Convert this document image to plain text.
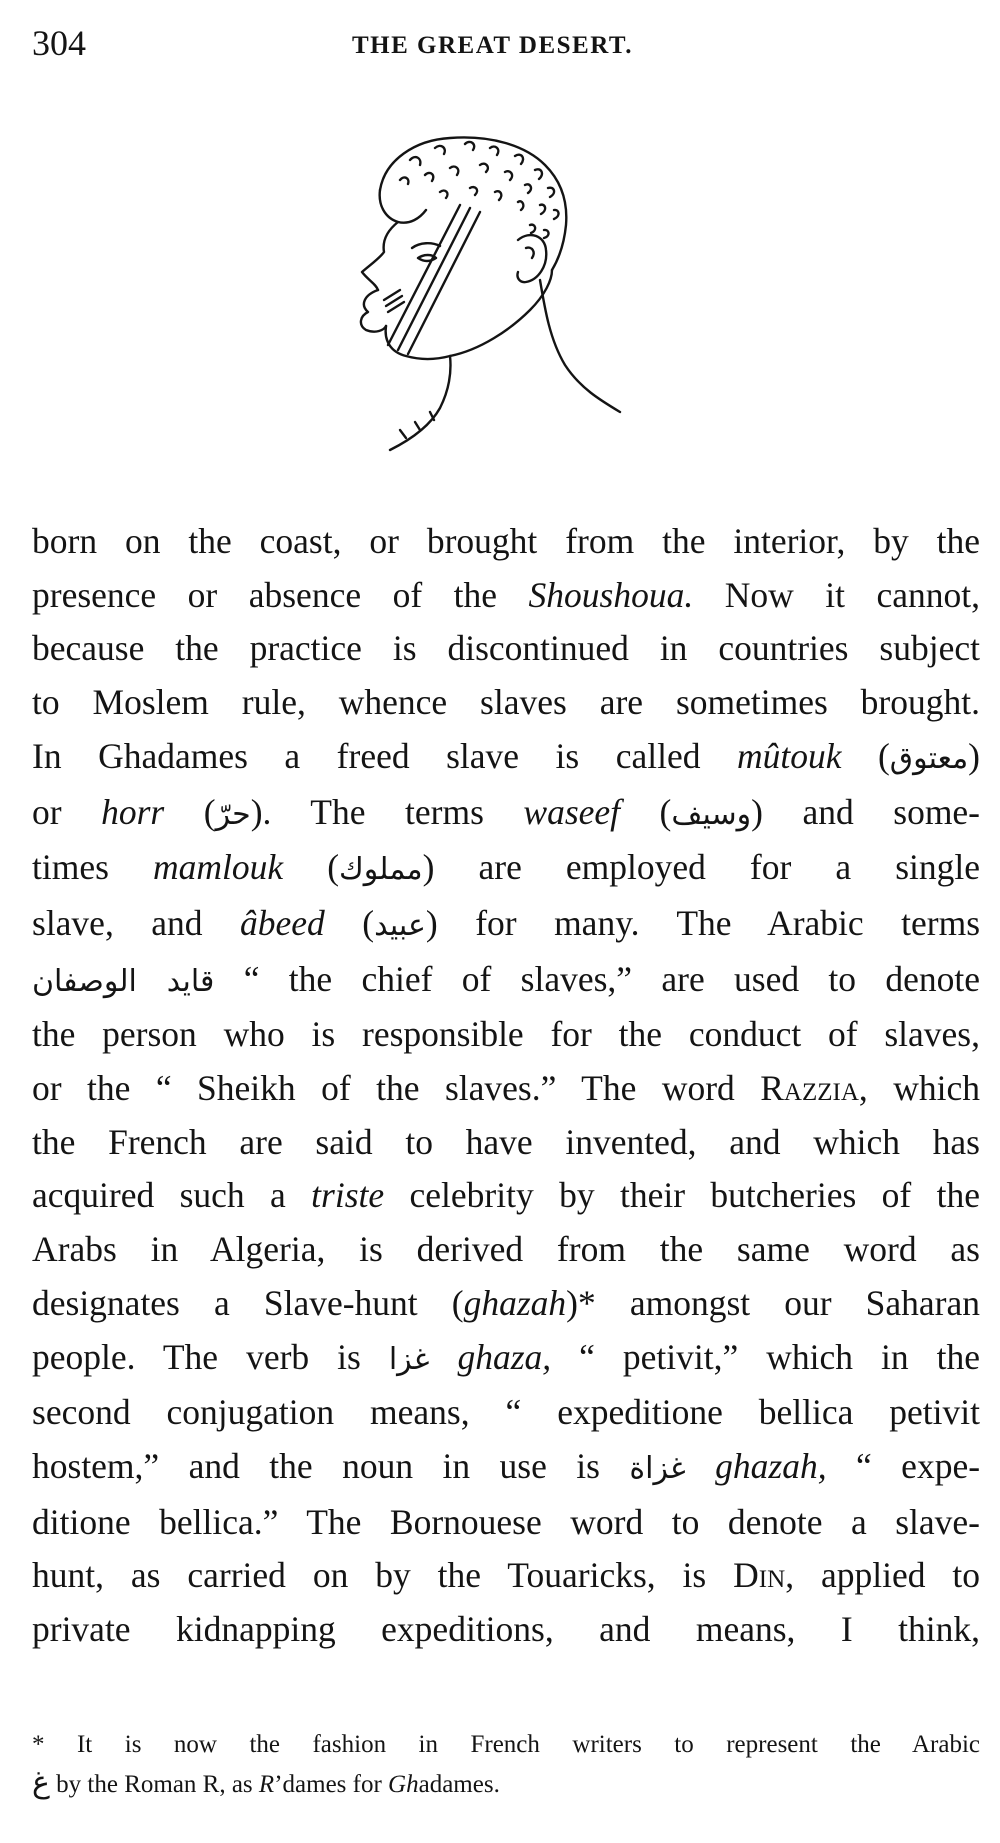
304	THE GREAT DESERT.
born on the coast, or brought from the interior, by the
presence or absence of the Shoushoua. Now it cannot,
because the practice is discontinued in countries subject
to Moslem rule, whence slaves are sometimes brought.
In Ghadames a freed slave is called mûtouk (معتوق)
or horr (حرّ). The terms waseef (وسيف) and some-
times mamlouk (مملوك) are employed for a single
slave, and âbeed (عبيد) for many. The Arabic terms
قايد الوصفان “ the chief of slaves,” are used to denote
the person who is responsible for the conduct of slaves,
or the “ Sheikh of the slaves.” The word Razzia, which
the French are said to have invented, and which has
acquired such a triste celebrity by their butcheries of the
Arabs in Algeria, is derived from the same word as
designates a Slave-hunt (ghazah)* amongst our Saharan
people. The verb is غزا ghaza, “ petivit,” which in the
second conjugation means, “ expeditione bellica petivit
hostem,” and the noun in use is غزاة ghazah, “ expe-
ditione bellica.” The Bornouese word to denote a slave-
hunt, as carried on by the Touaricks, is Din, applied to
private kidnapping expeditions, and means, I think,
* It is now the fashion in French writers to represent the Arabic
غ by the Roman R, as R’dames for Ghadames.
